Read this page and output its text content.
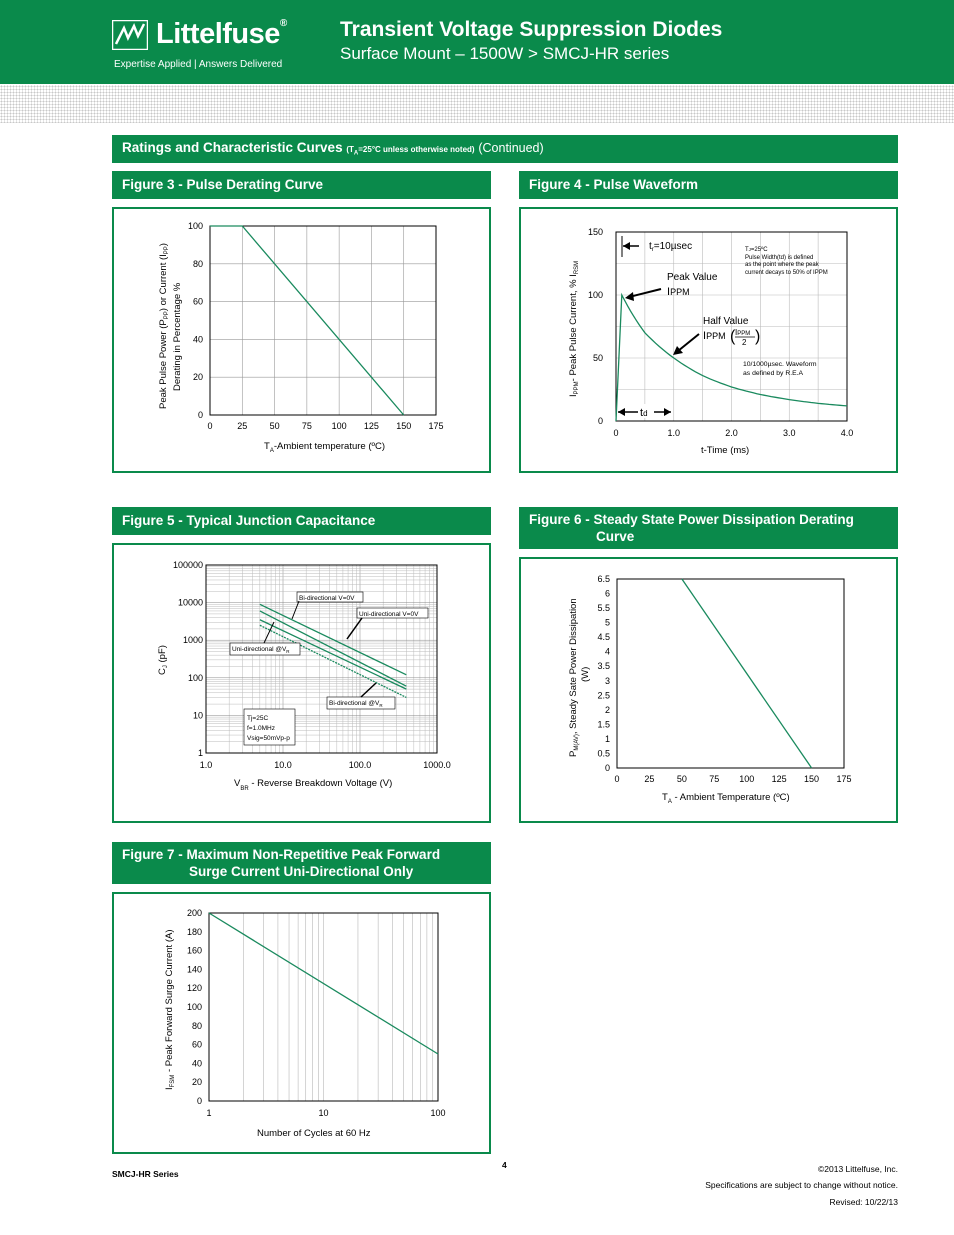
Littelfuse®
Expertise Applied | Answers Delivered
Transient Voltage Suppression Diodes
Surface Mount – 1500W > SMCJ-HR series
Ratings and Characteristic Curves ($T_A=25^\circ C$ unless otherwise noted) (Continued)
Figure 3 - Pulse Derating Curve	Figure 4 - Pulse Waveform
Figure 5 - Typical Junction Capacitance	Figure 6 - Steady State Power Dissipation Derating
Curve
Figure 7 - Maximum Non-Repetitive Peak Forward
Surge Current Uni-Directional Only
0	25 50 75 100 125 150 175
0
20
40
60
80
100
$T_A$-Ambient temperature (ºC)
Peak Pulse Power $(P_{PP})$ or Current $(I_{PP})$
Derating in Percentage %
0	1.0	2.0	3.0	4.0
0
50
100
150
$t_r=10\mu\sec$
Peak Value
IPPM
Half Value
IPPM ( IPPM
2 )
td
TJ=25ºC
Pulse Width(td) is defined
as the point where the peak
current decays to 50% of IPPM
10/1000µsec. Waveform
as defined by R.E.A
t-Time (ms)
$I_{PPM}-$ Peak Pulse Current, % $I_{RSM}$
1.0	10.0	100.0	1000.0
1
10
100
1000
10000
100000
Bi-directional V=0V
Uni-directional V=0V
Uni-directional $@V_R$
Bi-directional $@V_R$
Tj=25C
f=1.0MHz
Vsig=50mVp-p
$V_{BR}$ - Reverse Breakdown Voltage (V)
$C_J$ (pF)
0	25 50 75 100 125 150 175
0
0.5
1
1.5
2
2.5
3
3.5
4
4.5
5
5.5
6
6.5
$T_A$ - Ambient Temperature (ºC)
$P_{M(AV)}$, Steady Sate Power Dissipation (W)
1	10	100
0
20
40
60
80
100
120
140
160
180
200
Number of Cycles at 60 Hz
$I_{FSM}$ - Peak Forward Surge Current (A)
SMCJ-HR Series
4	©2013 Littelfuse, Inc.
Specifications are subject to change without notice.
Revised: 10/22/13
